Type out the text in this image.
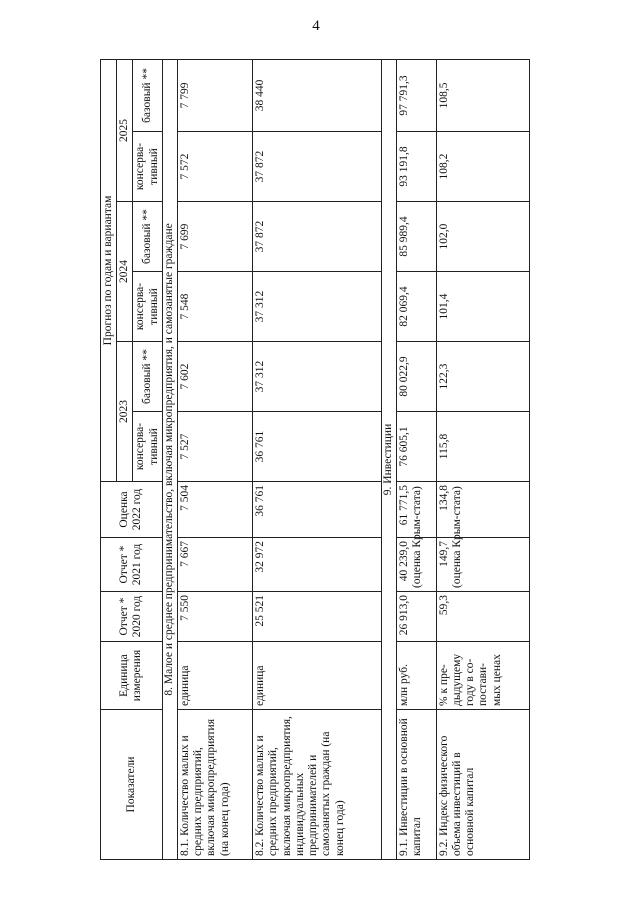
4
Показатели	Единица измерения	Отчет * 2020 год	Отчет * 2021 год	Оценка 2022 год	Прогноз по годам и вариантам					
					2023		2024		2025	
					консерва-тивный	базовый **	консерва-тивный	базовый **	консерва-тивный	базовый **
8. Малое и среднее предпринимательство, включая микропредприятия, и самозанятые граждане										
8.1. Количество малых и средних предприятий, включая микропредприятия (на конец года)	единица	7 550	7 667	7 504	7 527	7 602	7 548	7 699	7 572	7 799
8.2. Количество малых и средних предприятий, включая микропредприятия, индивидуальных предпринимателей и самозанятых граждан (на конец года)	единица	25 521	32 972	36 761	36 761	37 312	37 312	37 872	37 872	38 440
9. Инвестиции										
9.1. Инвестиции в основной капитал	млн руб.	26 913,0	40 239,0 (оценка Крым-стата)	61 771,5	76 605,1	80 022,9	82 069,4	85 989,4	93 191,8	97 791,3
9.2. Индекс физического объема инвестиций в основной капитал	% к пре-дыдущему году в со-постави-мых ценах	59,3	149,7 (оценка Крым-стата)	134,8	115,8	122,3	101,4	102,0	108,2	108,5
